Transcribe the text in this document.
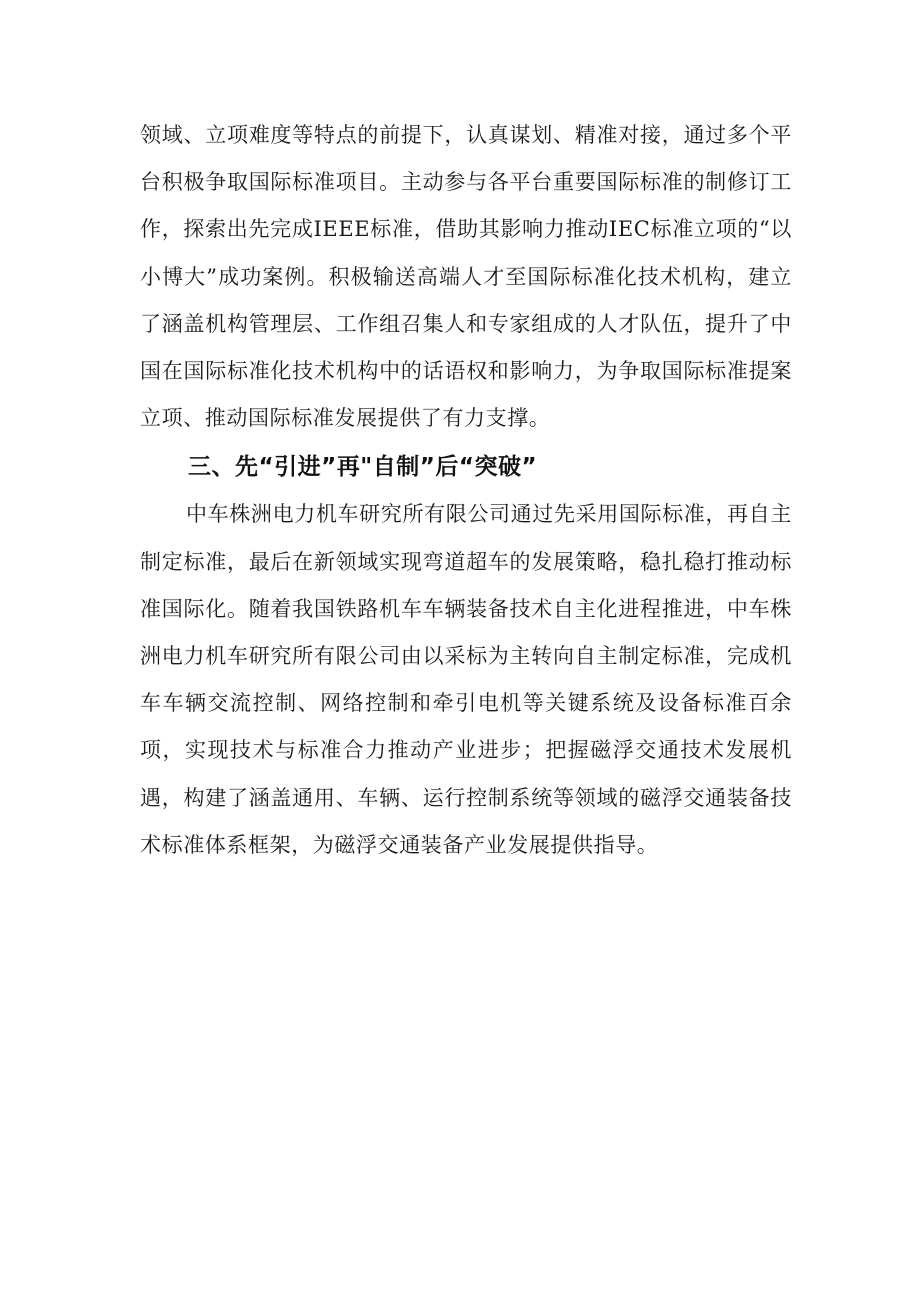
领域、立项难度等特点的前提下，认真谋划、精准对接，通过多个平台积极争取国际标准项目。主动参与各平台重要国际标准的制修订工作，探索出先完成IEEE标准，借助其影响力推动IEC标准立项的“以小博大”成功案例。积极输送高端人才至国际标准化技术机构，建立了涵盖机构管理层、工作组召集人和专家组成的人才队伍，提升了中国在国际标准化技术机构中的话语权和影响力，为争取国际标准提案立项、推动国际标准发展提供了有力支撑。

三、先“引进”再"自制”后“突破”

中车株洲电力机车研究所有限公司通过先采用国际标准，再自主制定标准，最后在新领域实现弯道超车的发展策略，稳扎稳打推动标准国际化。随着我国铁路机车车辆装备技术自主化进程推进，中车株洲电力机车研究所有限公司由以采标为主转向自主制定标准，完成机车车辆交流控制、网络控制和牵引电机等关键系统及设备标准百余项，实现技术与标准合力推动产业进步；把握磁浮交通技术发展机遇，构建了涵盖通用、车辆、运行控制系统等领域的磁浮交通装备技术标准体系框架，为磁浮交通装备产业发展提供指导。
